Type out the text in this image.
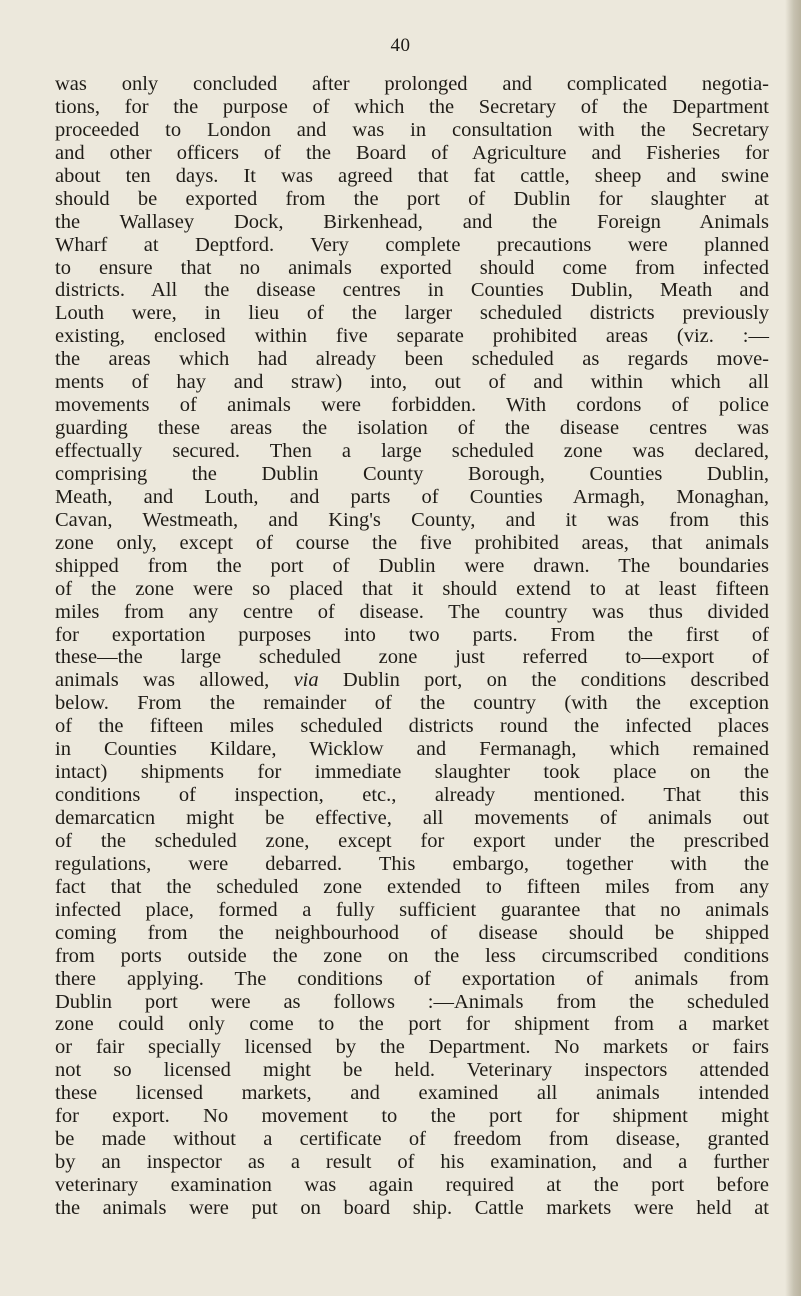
40
was only concluded after prolonged and complicated negotia-
tions, for the purpose of which the Secretary of the Department
proceeded to London and was in consultation with the Secretary
and other officers of the Board of Agriculture and Fisheries for
about ten days. It was agreed that fat cattle, sheep and swine
should be exported from the port of Dublin for slaughter at
the Wallasey Dock, Birkenhead, and the Foreign Animals
Wharf at Deptford. Very complete precautions were planned
to ensure that no animals exported should come from infected
districts. All the disease centres in Counties Dublin, Meath and
Louth were, in lieu of the larger scheduled districts previously
existing, enclosed within five separate prohibited areas (viz. :—
the areas which had already been scheduled as regards move-
ments of hay and straw) into, out of and within which all
movements of animals were forbidden. With cordons of police
guarding these areas the isolation of the disease centres was
effectually secured. Then a large scheduled zone was declared,
comprising the Dublin County Borough, Counties Dublin,
Meath, and Louth, and parts of Counties Armagh, Monaghan,
Cavan, Westmeath, and King's County, and it was from this
zone only, except of course the five prohibited areas, that animals
shipped from the port of Dublin were drawn. The boundaries
of the zone were so placed that it should extend to at least fifteen
miles from any centre of disease. The country was thus divided
for exportation purposes into two parts. From the first of
these—the large scheduled zone just referred to—export of
animals was allowed, via Dublin port, on the conditions described
below. From the remainder of the country (with the exception
of the fifteen miles scheduled districts round the infected places
in Counties Kildare, Wicklow and Fermanagh, which remained
intact) shipments for immediate slaughter took place on the
conditions of inspection, etc., already mentioned. That this
demarcaticn might be effective, all movements of animals out
of the scheduled zone, except for export under the prescribed
regulations, were debarred. This embargo, together with the
fact that the scheduled zone extended to fifteen miles from any
infected place, formed a fully sufficient guarantee that no animals
coming from the neighbourhood of disease should be shipped
from ports outside the zone on the less circumscribed conditions
there applying. The conditions of exportation of animals from
Dublin port were as follows :—Animals from the scheduled
zone could only come to the port for shipment from a market
or fair specially licensed by the Department. No markets or fairs
not so licensed might be held. Veterinary inspectors attended
these licensed markets, and examined all animals intended
for export. No movement to the port for shipment might
be made without a certificate of freedom from disease, granted
by an inspector as a result of his examination, and a further
veterinary examination was again required at the port before
the animals were put on board ship. Cattle markets were held at
